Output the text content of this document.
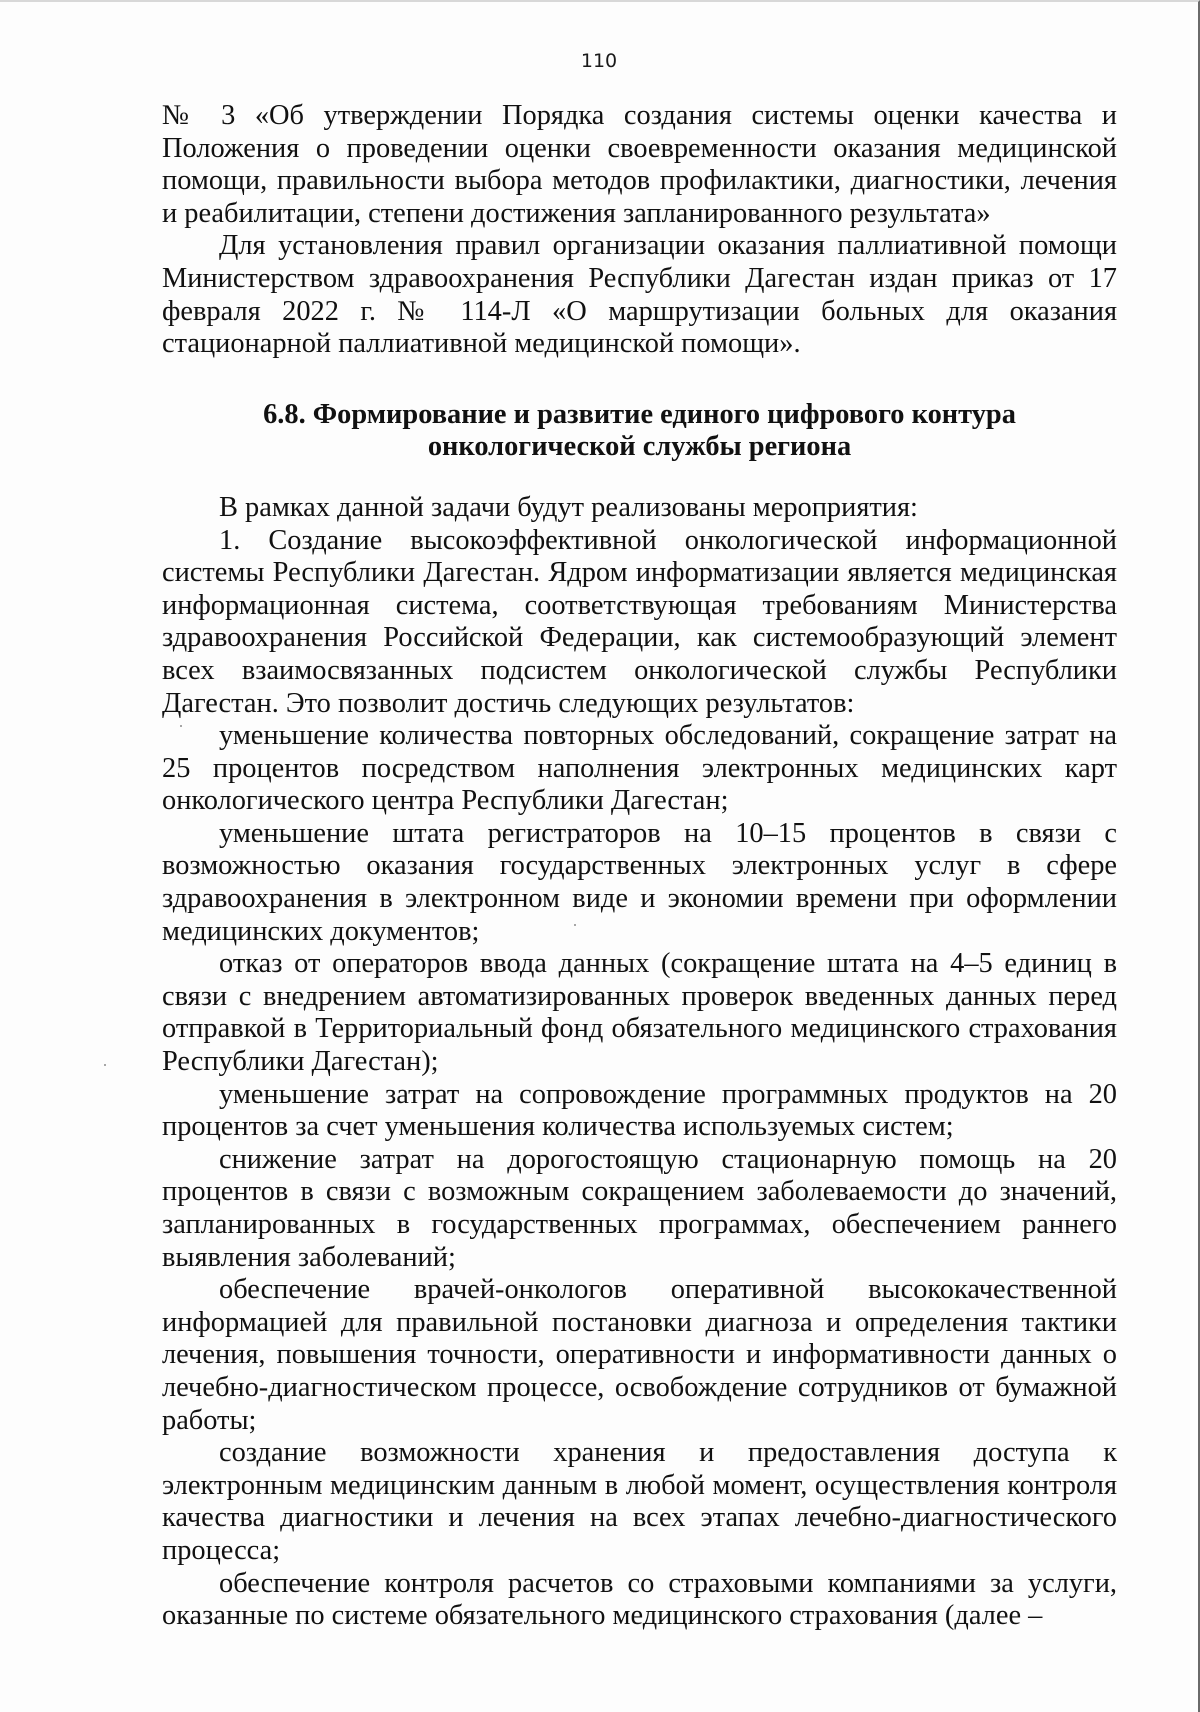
110

№ 3 «Об утверждении Порядка создания системы оценки качества и Положения о проведении оценки своевременности оказания медицинской помощи, правильности выбора методов профилактики, диагностики, лечения и реабилитации, степени достижения запланированного результата»

Для установления правил организации оказания паллиативной помощи Министерством здравоохранения Республики Дагестан издан приказ от 17 февраля 2022 г. № 114-Л «О маршрутизации больных для оказания стационарной паллиативной медицинской помощи».

6.8. Формирование и развитие единого цифрового контура
онкологической службы региона

В рамках данной задачи будут реализованы мероприятия:

1. Создание высокоэффективной онкологической информационной системы Республики Дагестан. Ядром информатизации является медицинская информационная система, соответствующая требованиям Министерства здравоохранения Российской Федерации, как системообразующий элемент всех взаимосвязанных подсистем онкологической службы Республики Дагестан. Это позволит достичь следующих результатов:

уменьшение количества повторных обследований, сокращение затрат на 25 процентов посредством наполнения электронных медицинских карт онкологического центра Республики Дагестан;

уменьшение штата регистраторов на 10–15 процентов в связи с возможностью оказания государственных электронных услуг в сфере здравоохранения в электронном виде и экономии времени при оформлении медицинских документов;

отказ от операторов ввода данных (сокращение штата на 4–5 единиц в связи с внедрением автоматизированных проверок введенных данных перед отправкой в Территориальный фонд обязательного медицинского страхования Республики Дагестан);

уменьшение затрат на сопровождение программных продуктов на 20 процентов за счет уменьшения количества используемых систем;

снижение затрат на дорогостоящую стационарную помощь на 20 процентов в связи с возможным сокращением заболеваемости до значений, запланированных в государственных программах, обеспечением раннего выявления заболеваний;

обеспечение врачей-онкологов оперативной высококачественной информацией для правильной постановки диагноза и определения тактики лечения, повышения точности, оперативности и информативности данных о лечебно-диагностическом процессе, освобождение сотрудников от бумажной работы;

создание возможности хранения и предоставления доступа к электронным медицинским данным в любой момент, осуществления контроля качества диагностики и лечения на всех этапах лечебно-диагностического процесса;

обеспечение контроля расчетов со страховыми компаниями за услуги, оказанные по системе обязательного медицинского страхования (далее –
